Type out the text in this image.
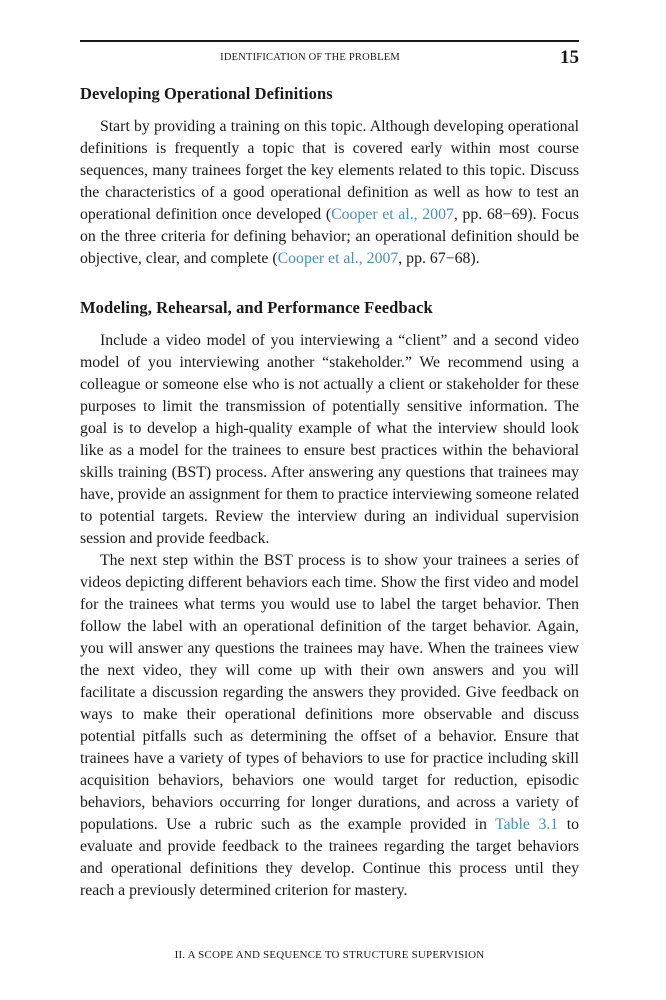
IDENTIFICATION OF THE PROBLEM	15
Developing Operational Definitions

Start by providing a training on this topic. Although developing operational definitions is frequently a topic that is covered early within most course sequences, many trainees forget the key elements related to this topic. Discuss the characteristics of a good operational definition as well as how to test an operational definition once developed (Cooper et al., 2007, pp. 68−69). Focus on the three criteria for defining behavior; an operational definition should be objective, clear, and complete (Cooper et al., 2007, pp. 67−68).

Modeling, Rehearsal, and Performance Feedback

Include a video model of you interviewing a “client” and a second video model of you interviewing another “stakeholder.” We recommend using a colleague or someone else who is not actually a client or stakeholder for these purposes to limit the transmission of potentially sensitive information. The goal is to develop a high-quality example of what the interview should look like as a model for the trainees to ensure best practices within the behavioral skills training (BST) process. After answering any questions that trainees may have, provide an assignment for them to practice interviewing someone related to potential targets. Review the interview during an individual supervision session and provide feedback.

The next step within the BST process is to show your trainees a series of videos depicting different behaviors each time. Show the first video and model for the trainees what terms you would use to label the target behavior. Then follow the label with an operational definition of the target behavior. Again, you will answer any questions the trainees may have. When the trainees view the next video, they will come up with their own answers and you will facilitate a discussion regarding the answers they provided. Give feedback on ways to make their operational definitions more observable and discuss potential pitfalls such as determining the offset of a behavior. Ensure that trainees have a variety of types of behaviors to use for practice including skill acquisition behaviors, behaviors one would target for reduction, episodic behaviors, behaviors occurring for longer durations, and across a variety of populations. Use a rubric such as the example provided in Table 3.1 to evaluate and provide feedback to the trainees regarding the target behaviors and operational definitions they develop. Continue this process until they reach a previously determined criterion for mastery.

II. A SCOPE AND SEQUENCE TO STRUCTURE SUPERVISION
